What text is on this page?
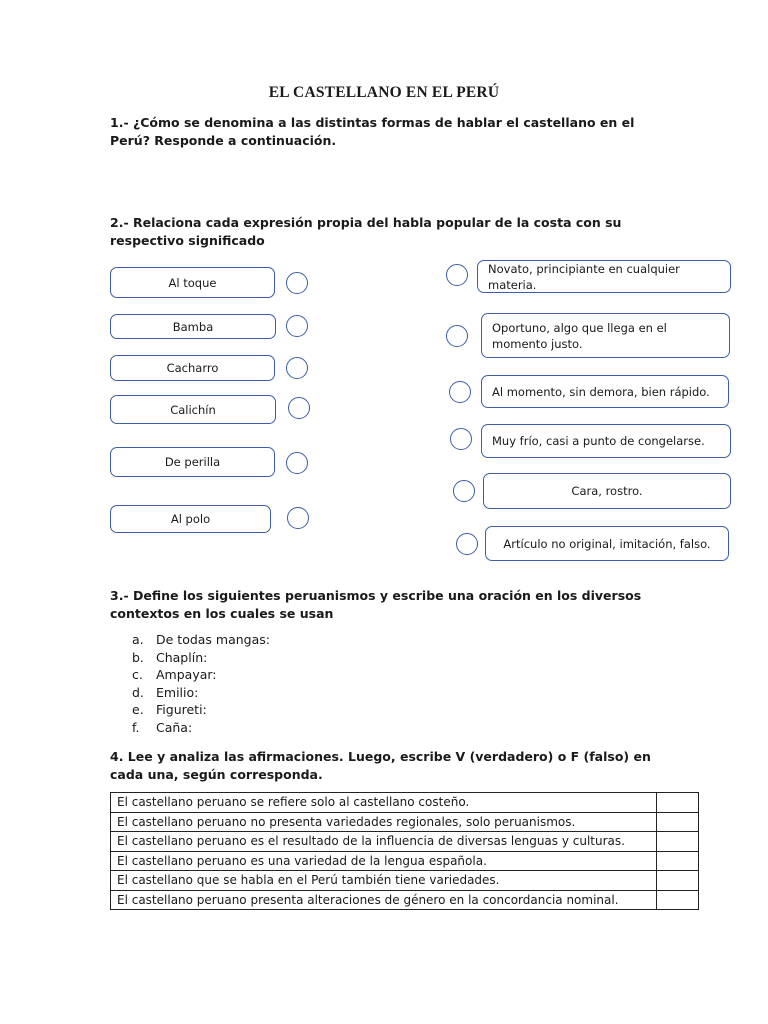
EL CASTELLANO EN EL PERÚ
1.- ¿Cómo se denomina a las distintas formas de hablar el castellano en el Perú? Responde a continuación.
2.- Relaciona cada expresión propia del habla popular de la costa con su respectivo significado
Al toque
Bamba
Cacharro
Calichín
De perilla
Al polo
Novato, principiante en cualquier materia.
Oportuno, algo que llega en el momento justo.
Al momento, sin demora, bien rápido.
Muy frío, casi a punto de congelarse.
Cara, rostro.
Artículo no original, imitación, falso.
3.- Define los siguientes peruanismos y escribe una oración en los diversos contextos en los cuales se usan
a. De todas mangas:
b. Chaplín:
c. Ampayar:
d. Emilio:
e. Figureti:
f. Caña:
4. Lee y analiza las afirmaciones. Luego, escribe V (verdadero) o F (falso) en cada una, según corresponda.
El castellano peruano se refiere solo al castellano costeño.	
El castellano peruano no presenta variedades regionales, solo peruanismos.	
El castellano peruano es el resultado de la influencia de diversas lenguas y culturas.	
El castellano peruano es una variedad de la lengua española.	
El castellano que se habla en el Perú también tiene variedades.	
El castellano peruano presenta alteraciones de género en la concordancia nominal.	
